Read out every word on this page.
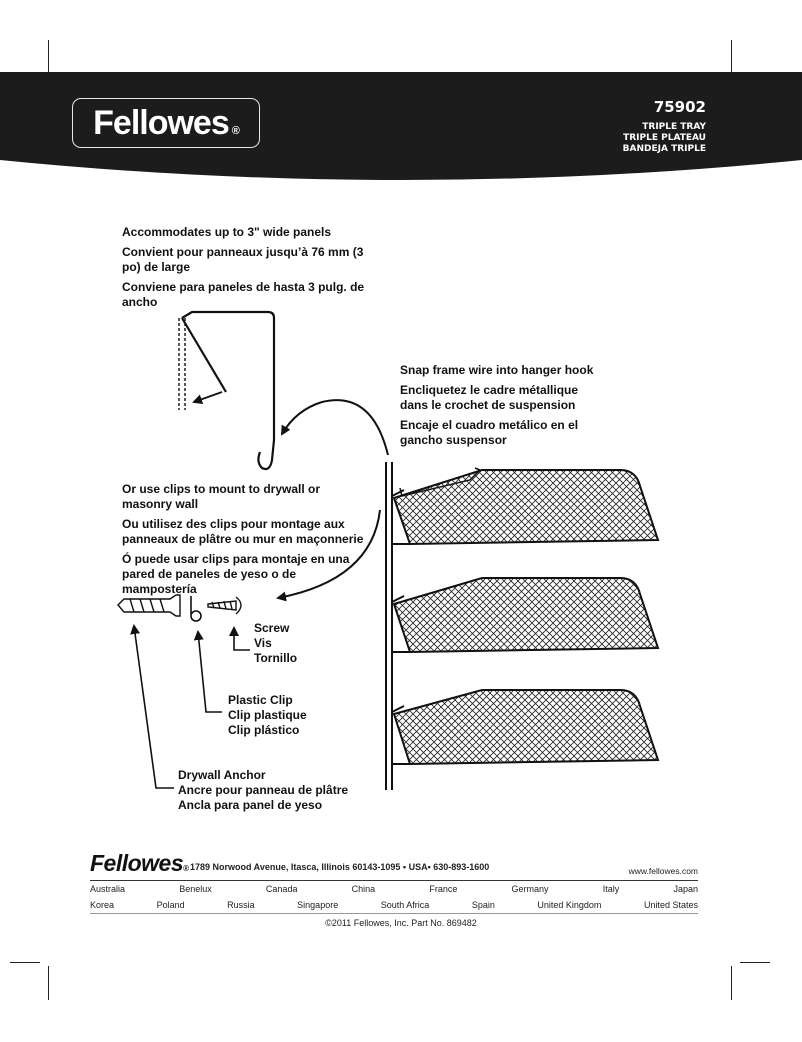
Fellowes ®
75902
TRIPLE TRAY
TRIPLE PLATEAU
BANDEJA TRIPLE
Accommodates up to 3" wide panels
Convient pour panneaux jusqu’à 76 mm (3 po) de large
Conviene para paneles de hasta 3 pulg. de ancho
Snap frame wire into hanger hook
Encliquetez le cadre métallique dans le crochet de suspension
Encaje el cuadro metálico en el gancho suspensor
Or use clips to mount to drywall or masonry wall
Ou utilisez des clips pour montage aux panneaux de plâtre ou mur en maçonnerie
Ó puede usar clips para montaje en una pared de paneles de yeso o de mampostería
Screw
Vis
Tornillo
Plastic Clip
Clip plastique
Clip plástico
Drywall Anchor
Ancre pour panneau de plâtre
Ancla para panel de yeso
Fellowes® 1789 Norwood Avenue, Itasca, Illinois 60143-1095 • USA• 630-893-1600	www.fellowes.com
Australia	Benelux	Canada	China	France	Germany	Italy	Japan
Korea	Poland	Russia	Singapore	South Africa	Spain	United Kingdom	United States
©2011 Fellowes, Inc. Part No. 869482
